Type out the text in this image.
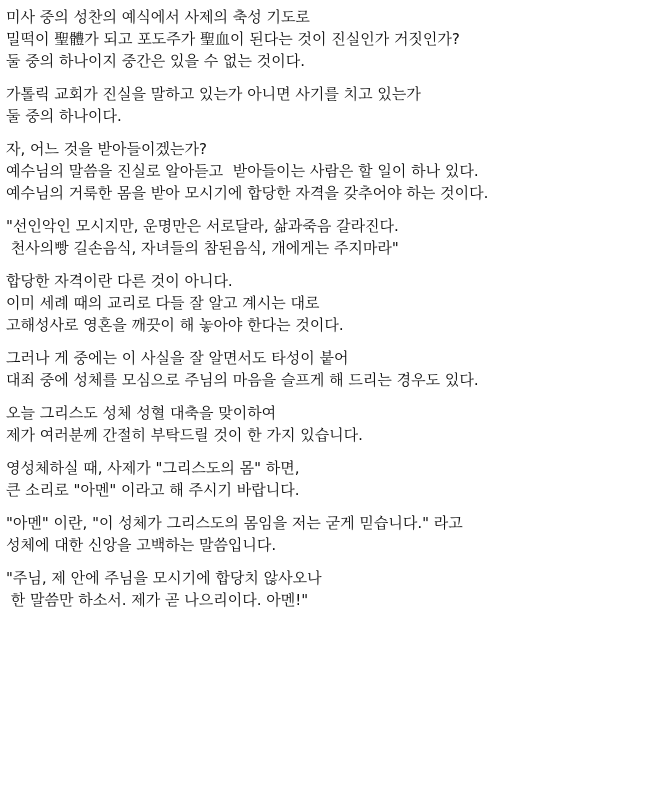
미사 중의 성찬의 예식에서 사제의 축성 기도로
밀떡이 聖體가 되고 포도주가 聖血이 된다는 것이 진실인가 거짓인가?
둘 중의 하나이지 중간은 있을 수 없는 것이다.
가톨릭 교회가 진실을 말하고 있는가 아니면 사기를 치고 있는가
둘 중의 하나이다.
자, 어느 것을 받아들이겠는가?
예수님의 말씀을 진실로 알아듣고  받아들이는 사람은 할 일이 하나 있다.
예수님의 거룩한 몸을 받아 모시기에 합당한 자격을 갖추어야 하는 것이다.
"선인악인 모시지만, 운명만은 서로달라, 삶과죽음 갈라진다.
천사의빵 길손음식, 자녀들의 참된음식, 개에게는 주지마라"
합당한 자격이란 다른 것이 아니다.
이미 세례 때의 교리로 다들 잘 알고 계시는 대로
고해성사로 영혼을 깨끗이 해 놓아야 한다는 것이다.
그러나 게 중에는 이 사실을 잘 알면서도 타성이 붙어
대죄 중에 성체를 모심으로 주님의 마음을 슬프게 해 드리는 경우도 있다.
오늘 그리스도 성체 성혈 대축을 맞이하여
제가 여러분께 간절히 부탁드릴 것이 한 가지 있습니다.
영성체하실 때, 사제가 "그리스도의 몸" 하면,
큰 소리로 "아멘" 이라고 해 주시기 바랍니다.
"아멘" 이란, "이 성체가 그리스도의 몸임을 저는 굳게 믿습니다." 라고
성체에 대한 신앙을 고백하는 말씀입니다.
"주님, 제 안에 주님을 모시기에 합당치 않사오나
한 말씀만 하소서. 제가 곧 나으리이다. 아멘!"
